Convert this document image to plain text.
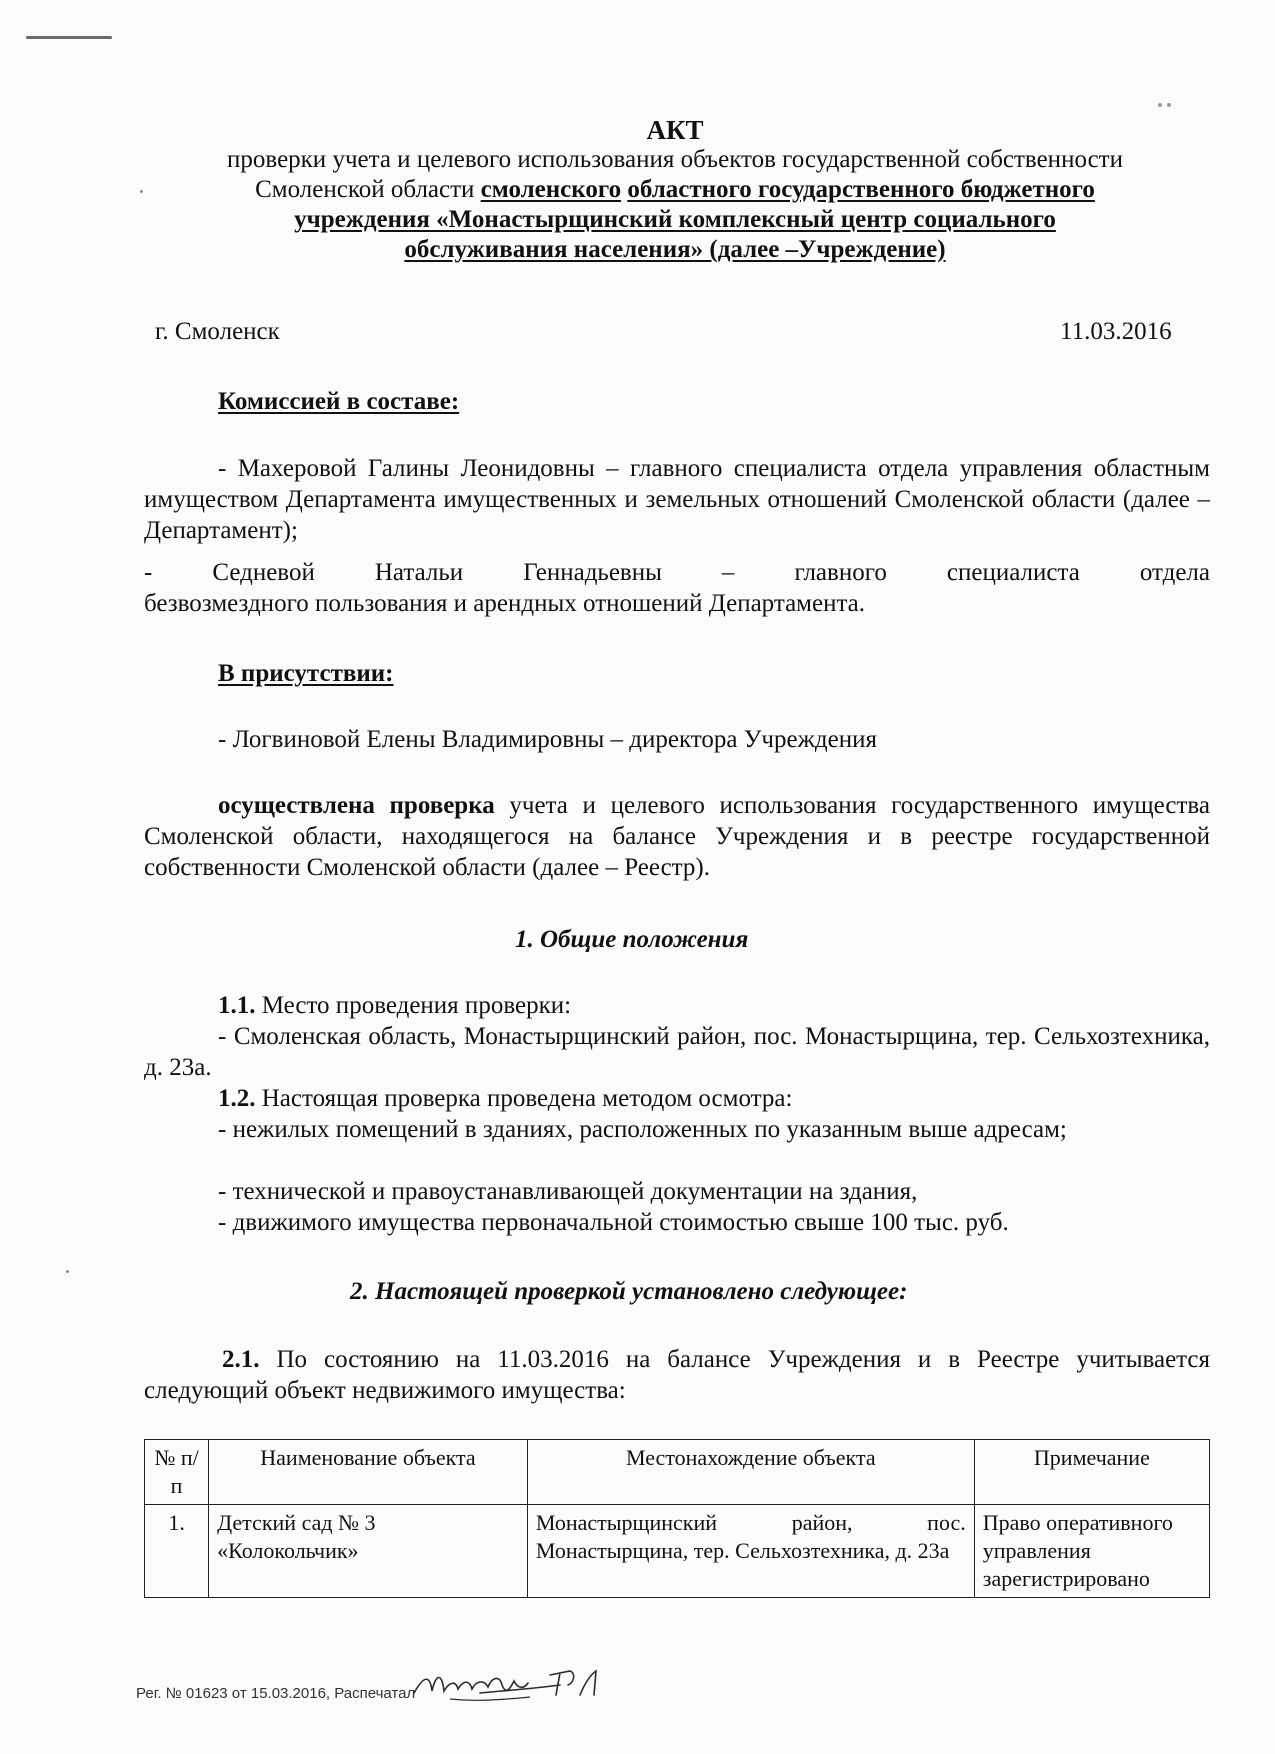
АКТ
проверки учета и целевого использования объектов государственной собственности
Смоленской области смоленского областного государственного бюджетного
учреждения «Монастырщинский комплексный центр социального
обслуживания населения» (далее –Учреждение)
г. Смоленск	11.03.2016
Комиссией в составе:
- Махеровой Галины Леонидовны – главного специалиста отдела управления областным имуществом Департамента имущественных и земельных отношений Смоленской области (далее – Департамент);
- Седневой Натальи Геннадьевны – главного специалиста отдела
безвозмездного пользования и арендных отношений Департамента.
В присутствии:
- Логвиновой Елены Владимировны – директора Учреждения
осуществлена проверка учета и целевого использования государственного имущества Смоленской области, находящегося на балансе Учреждения и в реестре государственной собственности Смоленской области (далее – Реестр).
1. Общие положения
1.1. Место проведения проверки:
- Смоленская область, Монастырщинский район, пос. Монастырщина, тер. Сельхозтехника, д. 23а.
1.2. Настоящая проверка проведена методом осмотра:
- нежилых помещений в зданиях, расположенных по указанным выше адресам;
- технической и правоустанавливающей документации на здания,
- движимого имущества первоначальной стоимостью свыше 100 тыс. руб.
2. Настоящей проверкой установлено следующее:
2.1. По состоянию на 11.03.2016 на балансе Учреждения и в Реестре учитывается следующий объект недвижимого имущества:
№ п/п	Наименование объекта	Местонахождение объекта	Примечание
1.	Детский сад № 3 «Колокольчик»	Монастырщинский район, пос. Монастырщина, тер. Сельхозтехника, д. 23а	Право оперативного управления зарегистрировано
Рег. № 01623 от 15.03.2016, Распечатал
